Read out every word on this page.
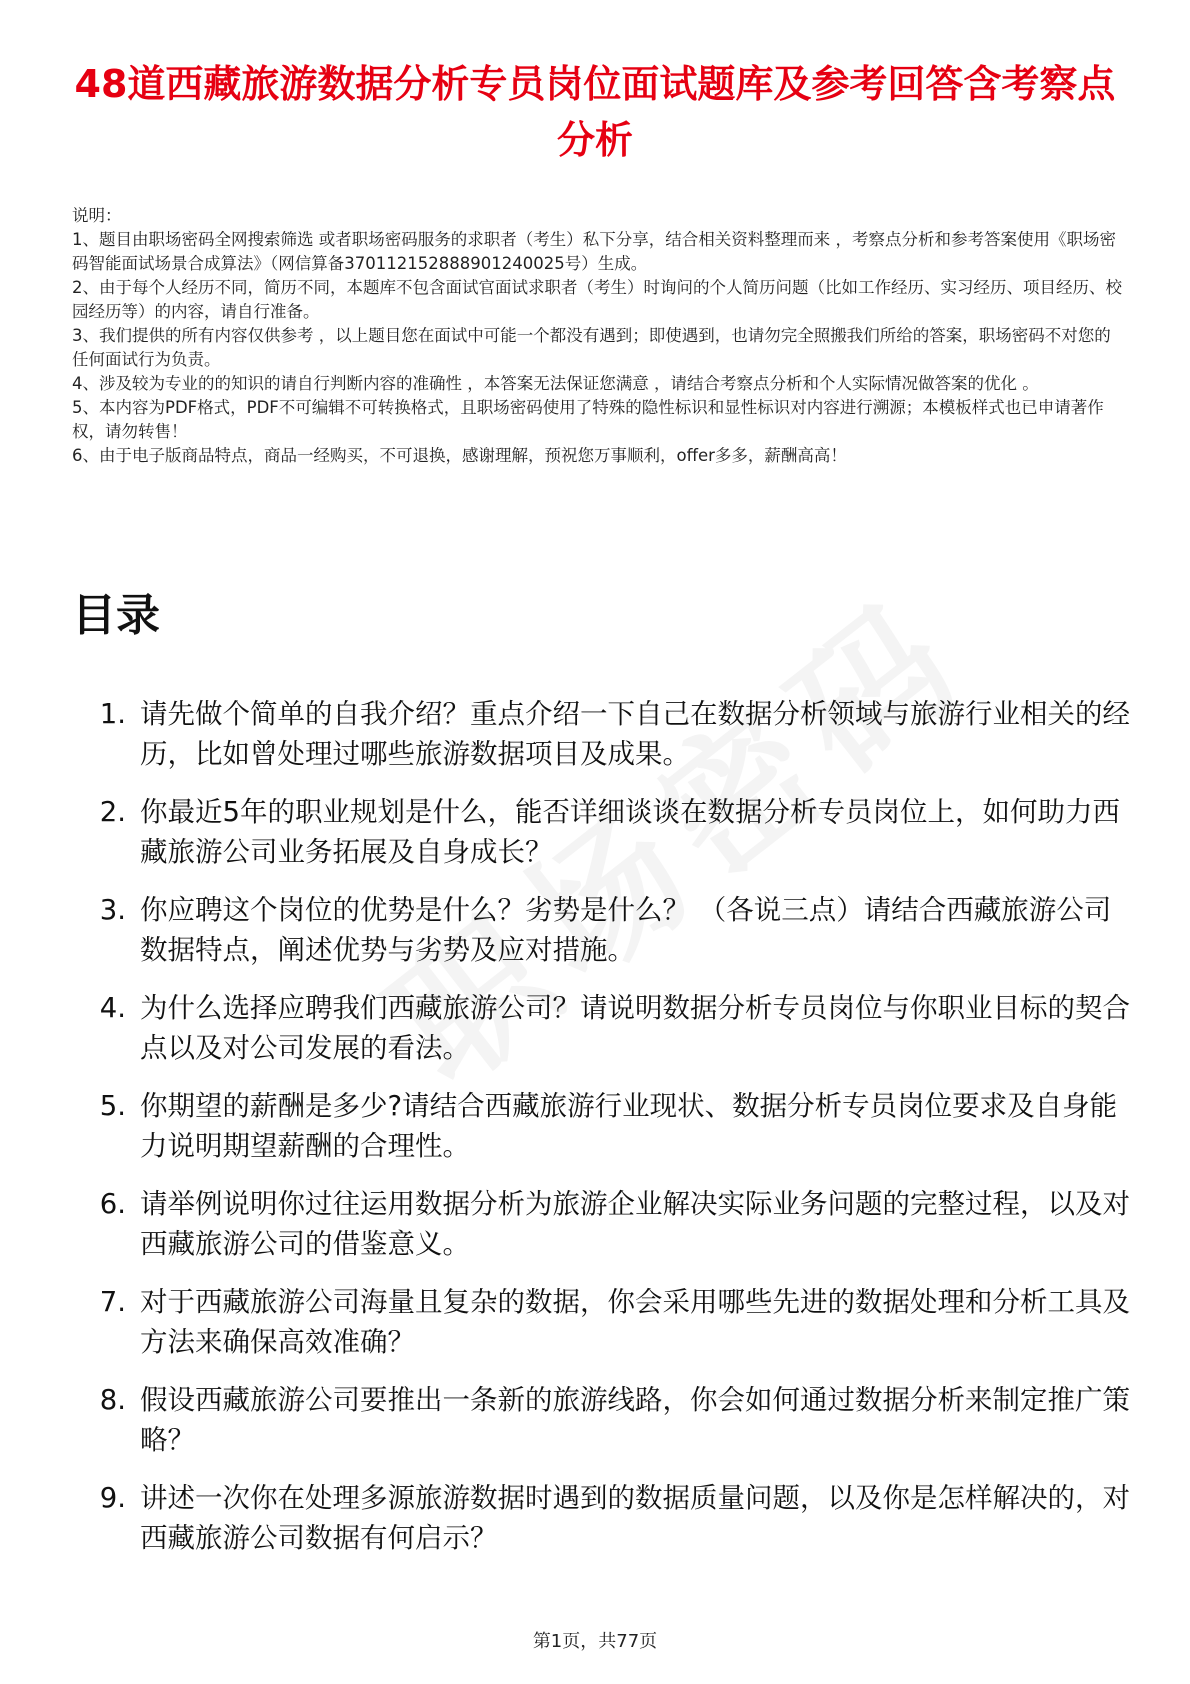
48道西藏旅游数据分析专员岗位面试题库及参考回答含考察点分析

说明：

1、题目由职场密码全网搜索筛选 或者职场密码服务的求职者（考生）私下分享，结合相关资料整理而来 ，考察点分析和参考答案使用《职场密码智能面试场景合成算法》（网信算备370112152888901240025号）生成。

2、由于每个人经历不同，简历不同，本题库不包含面试官面试求职者（考生）时询问的个人简历问题（比如工作经历、实习经历、项目经历、校园经历等）的内容，请自行准备。

3、我们提供的所有内容仅供参考 ，以上题目您在面试中可能一个都没有遇到；即使遇到，也请勿完全照搬我们所给的答案，职场密码不对您的任何面试行为负责。

4、涉及较为专业的的知识的请自行判断内容的准确性 ，本答案无法保证您满意 ，请结合考察点分析和个人实际情况做答案的优化 。

5、本内容为PDF格式，PDF不可编辑不可转换格式，且职场密码使用了特殊的隐性标识和显性标识对内容进行溯源；本模板样式也已申请著作权，请勿转售！

6、由于电子版商品特点，商品一经购买，不可退换，感谢理解，预祝您万事顺利，offer多多，薪酬高高！

目录
1. 请先做个简单的自我介绍？重点介绍一下自己在数据分析领域与旅游行业相关的经历，比如曾处理过哪些旅游数据项目及成果。
2. 你最近5年的职业规划是什么，能否详细谈谈在数据分析专员岗位上，如何助力西藏旅游公司业务拓展及自身成长？
3. 你应聘这个岗位的优势是什么？劣势是什么？ （各说三点）请结合西藏旅游公司数据特点，阐述优势与劣势及应对措施。
4. 为什么选择应聘我们西藏旅游公司？请说明数据分析专员岗位与你职业目标的契合点以及对公司发展的看法。
5. 你期望的薪酬是多少?请结合西藏旅游行业现状、数据分析专员岗位要求及自身能力说明期望薪酬的合理性。
6. 请举例说明你过往运用数据分析为旅游企业解决实际业务问题的完整过程，以及对西藏旅游公司的借鉴意义。
7. 对于西藏旅游公司海量且复杂的数据，你会采用哪些先进的数据处理和分析工具及方法来确保高效准确？
8. 假设西藏旅游公司要推出一条新的旅游线路，你会如何通过数据分析来制定推广策略？
9. 讲述一次你在处理多源旅游数据时遇到的数据质量问题，以及你是怎样解决的，对西藏旅游公司数据有何启示？
第1页，共77页
